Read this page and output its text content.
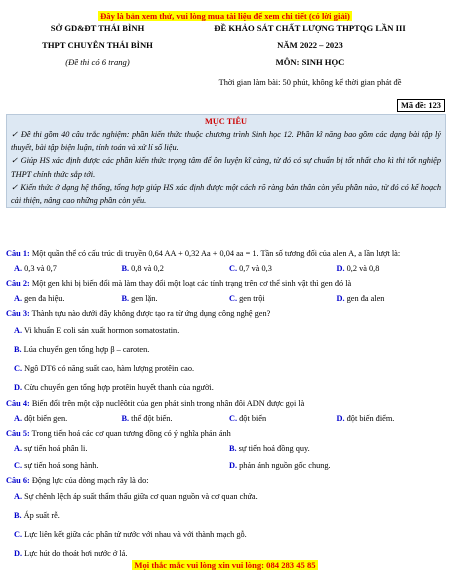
Đây là bản xem thử, vui lòng mua tài liệu để xem chi tiết (có lời giải)
SỞ GD&ĐT THÁI BÌNH
THPT CHUYÊN THÁI BÌNH
(Đề thi có 6 trang)
ĐỀ KHẢO SÁT CHẤT LƯỢNG THPTQG LẦN III
NĂM 2022 – 2023
MÔN: SINH HỌC
Thời gian làm bài: 50 phút, không kể thời gian phát đề
Mã đề: 123
MỤC TIÊU
✓ Đề thi gồm 40 câu trắc nghiệm: phần kiến thức thuộc chương trình Sinh học 12. Phần kĩ năng bao gồm các dạng bài tập lý thuyết, bài tập biện luận, tính toán và xử lí số liệu.
✓ Giúp HS xác định được các phần kiến thức trọng tâm để ôn luyện kĩ càng, từ đó có sự chuẩn bị tốt nhất cho kì thi tốt nghiệp THPT chính thức sắp tới.
✓ Kiến thức ở dạng hệ thống, tổng hợp giúp HS xác định được một cách rõ ràng bản thân còn yếu phần nào, từ đó có kế hoạch cải thiện, nâng cao những phần còn yếu.
Câu 1: Một quần thể có cấu trúc di truyền 0,64 AA + 0,32 Aa + 0,04 aa = 1. Tần số tương đối của alen A, a lần lượt là:
A. 0,3 và 0,7	B. 0,8 và 0,2	C. 0,7 và 0,3	D. 0,2 và 0,8
Câu 2: Một gen khi bị biến đổi mà làm thay đổi một loạt các tính trạng trên cơ thể sinh vật thì gen đó là
A. gen đa hiệu.	B. gen lặn.	C. gen trội	D. gen đa alen
Câu 3: Thành tựu nào dưới đây không được tạo ra từ ứng dụng công nghệ gen?
A. Vi khuẩn E coli sản xuất hormon somatostatin.
B. Lúa chuyển gen tổng hợp β – caroten.
C. Ngô DT6 có năng suất cao, hàm lượng protêin cao.
D. Cừu chuyển gen tổng hợp protêin huyết thanh của người.
Câu 4: Biến đổi trên một cặp nuclêôtit của gen phát sinh trong nhân đôi ADN được gọi là
A. đột biến gen.	B. thể đột biến.	C. đột biến	D. đột biến điểm.
Câu 5: Trong tiến hoá các cơ quan tương đồng có ý nghĩa phản ánh
A. sự tiến hoá phân li.	B. sự tiến hoá đồng quy.
C. sự tiến hoá song hành.	D. phản ánh nguồn gốc chung.
Câu 6: Động lực của dòng mạch rây là do:
A. Sự chênh lệch áp suất thẩm thấu giữa cơ quan nguồn và cơ quan chứa.
B. Áp suất rễ.
C. Lực liên kết giữa các phân tử nước với nhau và với thành mạch gỗ.
D. Lực hút do thoát hơi nước ở lá.
Mọi thắc mắc vui lòng xin vui lòng: 084 283 45 85
